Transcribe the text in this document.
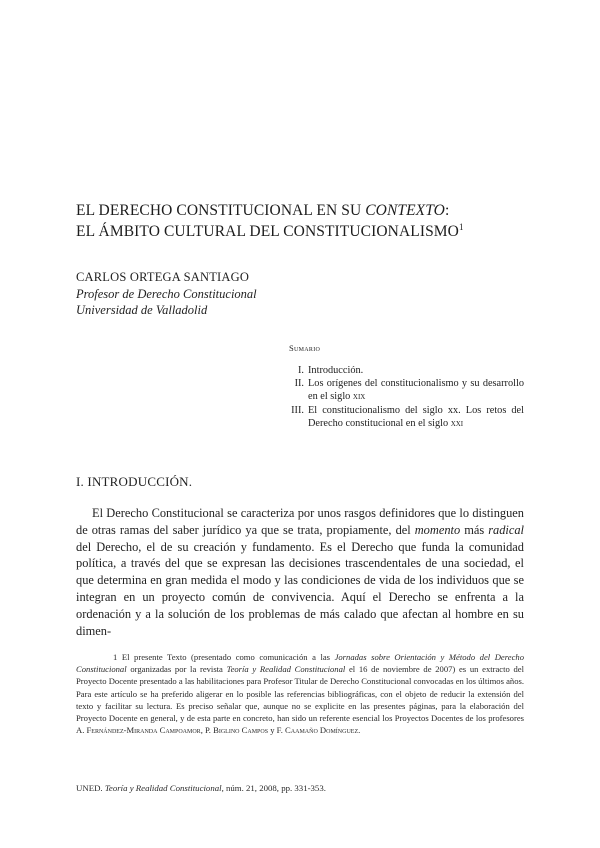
EL DERECHO CONSTITUCIONAL EN SU CONTEXTO:
EL ÁMBITO CULTURAL DEL CONSTITUCIONALISMO$^1$
CARLOS ORTEGA SANTIAGO
Profesor de Derecho Constitucional
Universidad de Valladolid
Sumario
I. Introducción.
II. Los orígenes del constitucionalismo y su desarrollo en el siglo xix
III. El constitucionalismo del siglo xx. Los retos del Derecho constitucional en el siglo xxi
I. INTRODUCCIÓN.

El Derecho Constitucional se caracteriza por unos rasgos definidores que lo distinguen de otras ramas del saber jurídico ya que se trata, propiamente, del momento más radical del Derecho, el de su creación y fundamento. Es el Derecho que funda la comunidad política, a través del que se expresan las decisiones trascendentales de una sociedad, el que determina en gran medida el modo y las condiciones de vida de los individuos que se integran en un proyecto común de convivencia. Aquí el Derecho se enfrenta a la ordenación y a la solución de los problemas de más calado que afectan al hombre en su dimen-

1 El presente Texto (presentado como comunicación a las Jornadas sobre Orientación y Método del Derecho Constitucional organizadas por la revista Teoría y Realidad Constitucional el 16 de noviembre de 2007) es un extracto del Proyecto Docente presentado a las habilitaciones para Profesor Titular de Derecho Constitucional convocadas en los últimos años. Para este artículo se ha preferido aligerar en lo posible las referencias bibliográficas, con el objeto de reducir la extensión del texto y facilitar su lectura. Es preciso señalar que, aunque no se explicite en las presentes páginas, para la elaboración del Proyecto Docente en general, y de esta parte en concreto, han sido un referente esencial los Proyectos Docentes de los profesores A. Fernández-Miranda Campoamor, P. Biglino Campos y F. Caamaño Domínguez.

UNED. Teoría y Realidad Constitucional, núm. 21, 2008, pp. 331-353.
